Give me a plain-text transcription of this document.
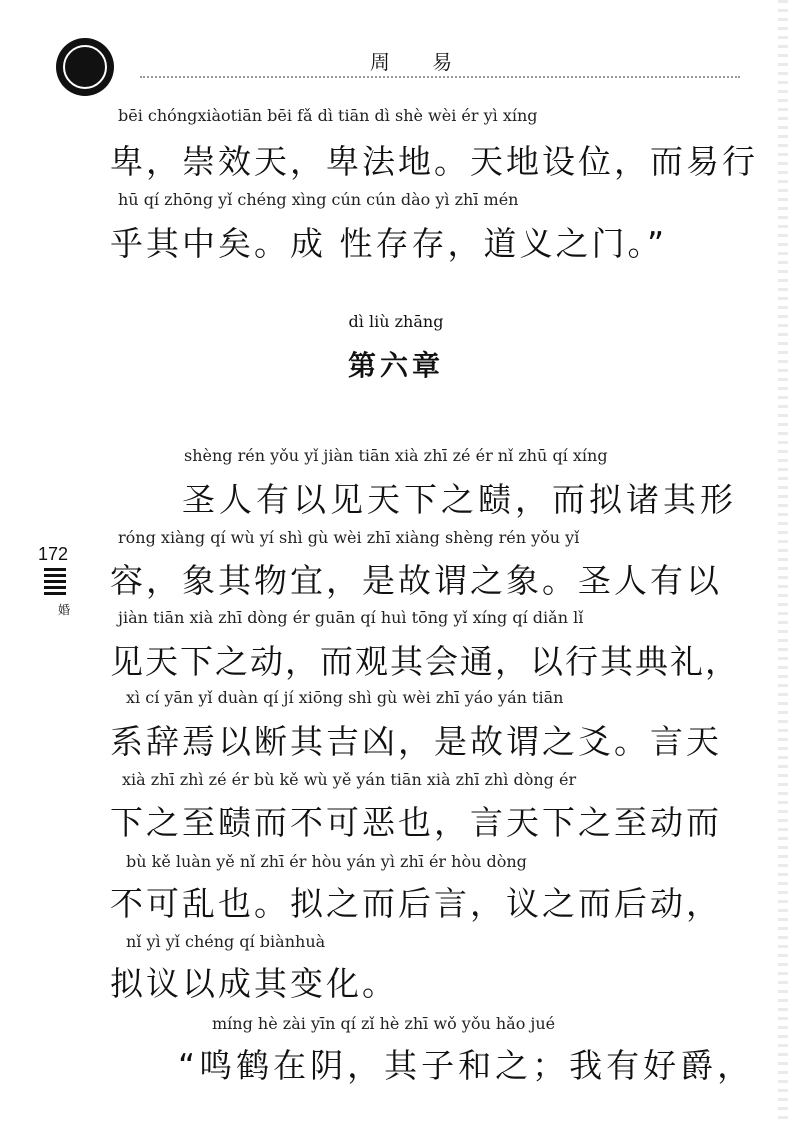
周 易
bēi chóngxiàotiān bēi fǎ dì tiān dì shè wèi ér yì xíng
卑，崇效天，卑法地。天地设位，而易行
hū qí zhōng yǐ chéng xìng cún cún dào yì zhī mén
乎其中矣。成 性存存，道义之门。”
dì liù zhāng
第六章
shèng rén yǒu yǐ jiàn tiān xià zhī zé ér nǐ zhū qí xíng
圣人有以见天下之赜，而拟诸其形
róng xiàng qí wù yí shì gù wèi zhī xiàng shèng rén yǒu yǐ
容，象其物宜，是故谓之象。圣人有以
jiàn tiān xià zhī dòng ér guān qí huì tōng yǐ xíng qí diǎn lǐ
见天下之动，而观其会通，以行其典礼，
xì cí yān yǐ duàn qí jí xiōng shì gù wèi zhī yáo yán tiān
系辞焉以断其吉凶，是故谓之爻。言天
xià zhī zhì zé ér bù kě wù yě yán tiān xià zhī zhì dòng ér
下之至赜而不可恶也，言天下之至动而
bù kě luàn yě nǐ zhī ér hòu yán yì zhī ér hòu dòng
不可乱也。拟之而后言，议之而后动，
nǐ yì yǐ chéng qí biànhuà
拟议以成其变化。
míng hè zài yīn qí zǐ hè zhī wǒ yǒu hǎo jué
“鸣鹤在阴，其子和之；我有好爵，
172
婚
